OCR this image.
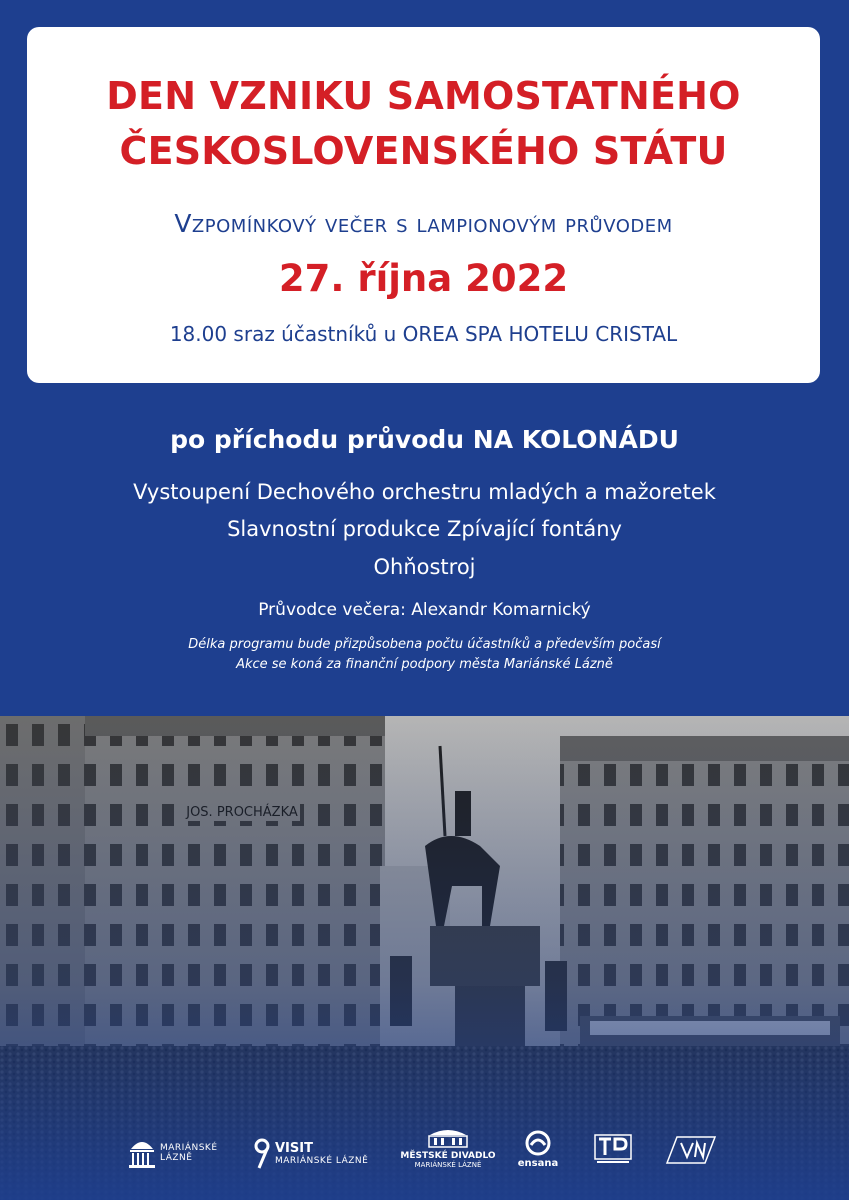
DEN VZNIKU SAMOSTATNÉHO
ČESKOSLOVENSKÉHO STÁTU
Vzpomínkový večer s lampionovým průvodem
27. října 2022
18.00 sraz účastníků u OREA SPA HOTELU CRISTAL
po příchodu průvodu NA KOLONÁDU
Vystoupení Dechového orchestru mladých a mažoretek
Slavnostní produkce Zpívající fontány
Ohňostroj
Průvodce večera: Alexandr Komarnický
Délka programu bude přizpůsobena počtu účastníků a především počasí
Akce se koná za finanční podpory města Mariánské Lázně
MARIÁNSKÉ
LÁZNĚ
VISIT
MARIÁNSKÉ LÁZNĚ	MĚSTSKÉ DIVADLO
MARIÁNSKÉ LÁZNĚ	ensana
